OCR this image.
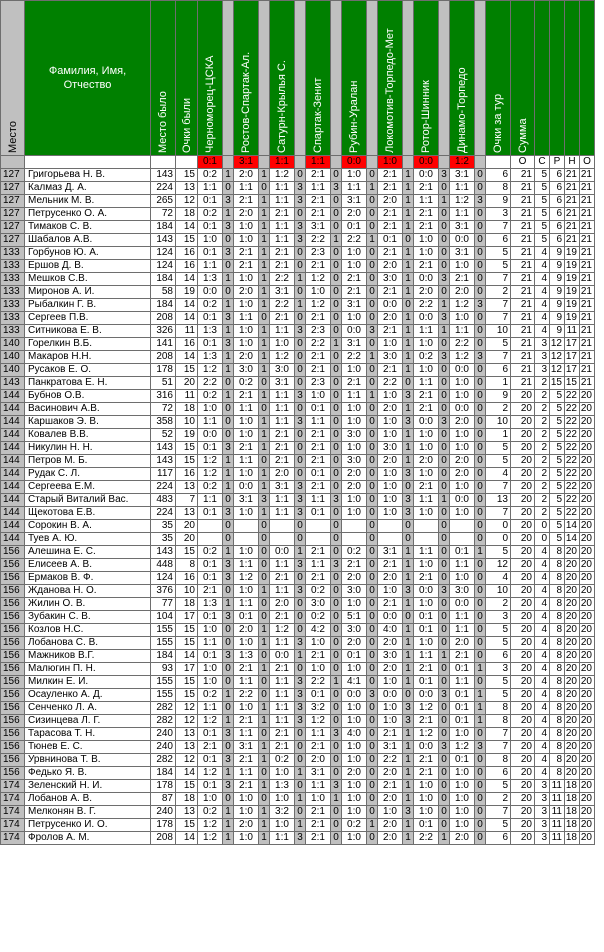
Место	Фамилия, Имя, Отчество	Место было	Очки были	Черноморец-ЦСКА		Ростов-Спартак-Ал.		Сатурн-Крылья С.		Спартак-Зенит		Рубин-Уралан		Локомотив-Торпедо-Мет		Ротор-Шинник		Динамо-Торпедо		Очки за тур	Сумма				

				0:1		3:1		1:1		1:1		0:0		1:0		0:0		1:2			О	С	Р	Н	О
127	Григорьева Н. В.	143	15	0:2	1	2:0	1	1:2	0	2:1	0	1:0	0	2:1	1	0:0	3	3:1	0	6	21	5	6	21	21
127	Калмаз Д. А.	224	13	1:1	0	1:1	0	1:1	3	1:1	3	1:1	1	2:1	1	2:1	0	1:1	0	8	21	5	6	21	21
127	Мельник М. В.	265	12	0:1	3	2:1	1	1:1	3	2:1	0	3:1	0	2:0	1	1:1	1	1:2	3	9	21	5	6	21	21
127	Петрусенко О. А.	72	18	0:2	1	2:0	1	2:1	0	2:1	0	2:0	0	2:1	1	2:1	0	1:1	0	3	21	5	6	21	21
127	Тимаков С. В.	184	14	0:1	3	1:0	1	1:1	3	3:1	0	0:1	0	2:1	1	2:1	0	3:1	0	7	21	5	6	21	21
127	Шабалов А.В.	143	15	1:0	0	1:0	1	1:1	3	2:2	1	2:2	1	0:1	0	1:0	0	0:0	0	6	21	5	6	21	21
133	Горбунов Ю. А.	124	16	0:1	3	2:1	1	2:1	0	2:3	0	1:0	0	2:1	1	1:0	0	3:1	0	5	21	4	9	19	21
133	Ершов Д. В.	124	16	1:1	0	2:1	1	2:1	0	2:1	0	1:0	0	2:0	1	2:1	0	1:0	0	5	21	4	9	19	21
133	Мешков С.В.	184	14	1:3	1	1:0	1	2:2	1	1:2	0	2:1	0	3:0	1	0:0	3	2:1	0	7	21	4	9	19	21
133	Миронов А. И.	58	19	0:0	0	2:0	1	3:1	0	1:0	0	2:1	0	2:1	1	2:0	0	2:0	0	2	21	4	9	19	21
133	Рыбалкин Г. В.	184	14	0:2	1	1:0	1	2:2	1	1:2	0	3:1	0	0:0	0	2:2	1	1:2	3	7	21	4	9	19	21
133	Сергеев П.В.	208	14	0:1	3	1:1	0	2:1	0	2:1	0	1:0	0	2:0	1	0:0	3	1:0	0	7	21	4	9	19	21
133	Ситникова Е. В.	326	11	1:3	1	1:0	1	1:1	3	2:3	0	0:0	3	2:1	1	1:1	1	1:1	0	10	21	4	9	11	21
140	Горелкин В.Б.	141	16	0:1	3	1:0	1	1:0	0	2:2	1	3:1	0	1:0	1	1:0	0	2:2	0	5	21	3	12	17	21
140	Макаров Н.Н.	208	14	1:3	1	2:0	1	1:2	0	2:1	0	2:2	1	3:0	1	0:2	3	1:2	3	7	21	3	12	17	21
140	Русаков Е. О.	178	15	1:2	1	3:0	1	3:0	0	2:1	0	1:0	0	2:1	1	1:0	0	0:0	0	6	21	3	12	17	21
143	Панкратова Е. Н.	51	20	2:2	0	0:2	0	3:1	0	2:3	0	2:1	0	2:2	0	1:1	0	1:0	0	1	21	2	15	15	21
144	Бубнов О.В.	316	11	0:2	1	2:1	1	1:1	3	1:0	0	1:1	1	1:0	3	2:1	0	1:0	0	9	20	2	5	22	20
144	Васинович А.В.	72	18	1:0	0	1:1	0	1:1	0	0:1	0	1:0	0	2:0	1	2:1	0	0:0	0	2	20	2	5	22	20
144	Каршаков Э. В.	358	10	1:1	0	1:0	1	1:1	3	1:1	0	1:0	0	1:0	3	0:0	3	2:0	0	10	20	2	5	22	20
144	Ковалев В.В.	52	19	0:0	0	1:0	1	2:1	0	2:1	0	3:0	0	1:0	1	1:0	0	1:0	0	1	20	2	5	22	20
144	Никулин Н. Н.	143	15	0:1	3	2:1	1	2:1	0	2:1	0	1:0	0	3:0	1	1:0	0	1:0	0	5	20	2	5	22	20
144	Петров М. Б.	143	15	1:2	1	1:1	0	2:1	0	2:1	0	3:0	0	2:0	1	2:0	0	2:0	0	5	20	2	5	22	20
144	Рудак С. Л.	117	16	1:2	1	1:0	1	2:0	0	0:1	0	2:0	0	1:0	3	1:0	0	2:0	0	4	20	2	5	22	20
144	Сергеева Е.М.	224	13	0:2	1	0:0	1	3:1	3	2:1	0	2:0	0	1:0	0	2:1	0	1:0	0	7	20	2	5	22	20
144	Старый Виталий Вас.	483	7	1:1	0	3:1	3	1:1	3	1:1	3	1:0	0	1:0	3	1:1	1	0:0	0	13	20	2	5	22	20
144	Щекотова Е.В.	224	13	0:1	3	1:0	1	1:1	3	0:1	0	1:0	0	1:0	3	1:0	0	1:0	0	7	20	2	5	22	20
144	Сорокин В. А.	35	20		0		0		0		0		0		0		0		0	0	20	0	5	14	20
144	Туев А. Ю.	35	20		0		0		0		0		0		0		0		0	0	20	0	5	14	20
156	Алешина Е. С.	143	15	0:2	1	1:0	0	0:0	1	2:1	0	0:2	0	3:1	1	1:1	0	0:1	1	5	20	4	8	20	20
156	Елисеев А. В.	448	8	0:1	3	1:1	0	1:1	3	1:1	3	2:1	0	2:1	1	1:0	0	1:1	0	12	20	4	8	20	20
156	Ермаков В. Ф.	124	16	0:1	3	1:2	0	2:1	0	2:1	0	2:0	0	2:0	1	2:1	0	1:0	0	4	20	4	8	20	20
156	Жданова Н. О.	376	10	2:1	0	1:0	1	1:1	3	0:2	0	3:0	0	1:0	3	0:0	3	3:0	0	10	20	4	8	20	20
156	Жилин О. В.	77	18	1:3	1	1:1	0	2:0	0	3:0	0	1:0	0	2:1	1	1:0	0	0:0	0	2	20	4	8	20	20
156	Зубакин С. В.	104	17	0:1	3	0:1	0	2:1	0	0:2	0	5:1	0	0:0	0	0:1	0	1:1	0	3	20	4	8	20	20
156	Козлов Н.С.	155	15	1:0	0	2:0	1	1:2	0	4:2	0	3:0	0	4:0	1	0:1	0	1:1	0	5	20	4	8	20	20
156	Лобанова С. В.	155	15	1:1	0	1:0	1	1:1	3	1:0	0	2:0	0	2:0	1	1:0	0	2:0	0	5	20	4	8	20	20
156	Мажников В.Г.	184	14	0:1	3	1:3	0	0:0	1	2:1	0	0:1	0	3:0	1	1:1	1	2:1	0	6	20	4	8	20	20
156	Малюгин П. Н.	93	17	1:0	0	2:1	1	2:1	0	1:0	0	1:0	0	2:0	1	2:1	0	0:1	1	3	20	4	8	20	20
156	Милкин Е. И.	155	15	1:0	0	1:1	0	1:1	3	2:2	1	4:1	0	1:0	1	0:1	0	1:1	0	5	20	4	8	20	20
156	Осауленко А. Д.	155	15	0:2	1	2:2	0	1:1	3	0:1	0	0:0	3	0:0	0	0:0	3	0:1	1	5	20	4	8	20	20
156	Сенченко Л. А.	282	12	1:1	0	1:0	1	1:1	3	3:2	0	1:0	0	1:0	3	1:2	0	0:1	1	8	20	4	8	20	20
156	Сизинцева Л. Г.	282	12	1:2	1	2:1	1	1:1	3	1:2	0	1:0	0	1:0	3	2:1	0	0:1	1	8	20	4	8	20	20
156	Тарасова Т. Н.	240	13	0:1	3	1:1	0	2:1	0	1:1	3	4:0	0	2:1	1	1:2	0	1:0	0	7	20	4	8	20	20
156	Тюнев Е. С.	240	13	2:1	0	3:1	1	2:1	0	2:1	0	1:0	0	3:1	1	0:0	3	1:2	3	7	20	4	8	20	20
156	Урвнинова Т. В.	282	12	0:1	3	2:1	1	0:2	0	2:0	0	1:0	0	2:2	1	2:1	0	0:1	0	8	20	4	8	20	20
156	Федько Я. В.	184	14	1:2	1	1:1	0	1:0	1	3:1	0	2:0	0	2:0	1	2:1	0	1:0	0	6	20	4	8	20	20
174	Зеленский Н. И.	178	15	0:1	3	2:1	1	1:3	0	1:1	3	1:0	0	2:1	1	1:0	0	1:0	0	5	20	3	11	18	20
174	Лобанов А. В.	87	18	1:0	0	1:0	0	1:0	1	1:0	1	1:0	0	2:0	1	1:0	0	1:0	0	2	20	3	11	18	20
174	Мелконян В. Г.	240	13	0:2	1	1:0	1	3:2	0	2:1	0	1:0	0	1:0	3	1:0	0	1:0	0	7	20	3	11	18	20
174	Петрусенко И. О.	178	15	1:2	1	2:0	1	1:0	1	2:1	0	0:2	1	2:0	1	0:1	0	1:0	0	5	20	3	11	18	20
174	Фролов А. М.	208	14	1:2	1	1:0	1	1:1	3	2:1	0	1:0	0	2:0	1	2:2	1	2:0	0	6	20	3	11	18	20
